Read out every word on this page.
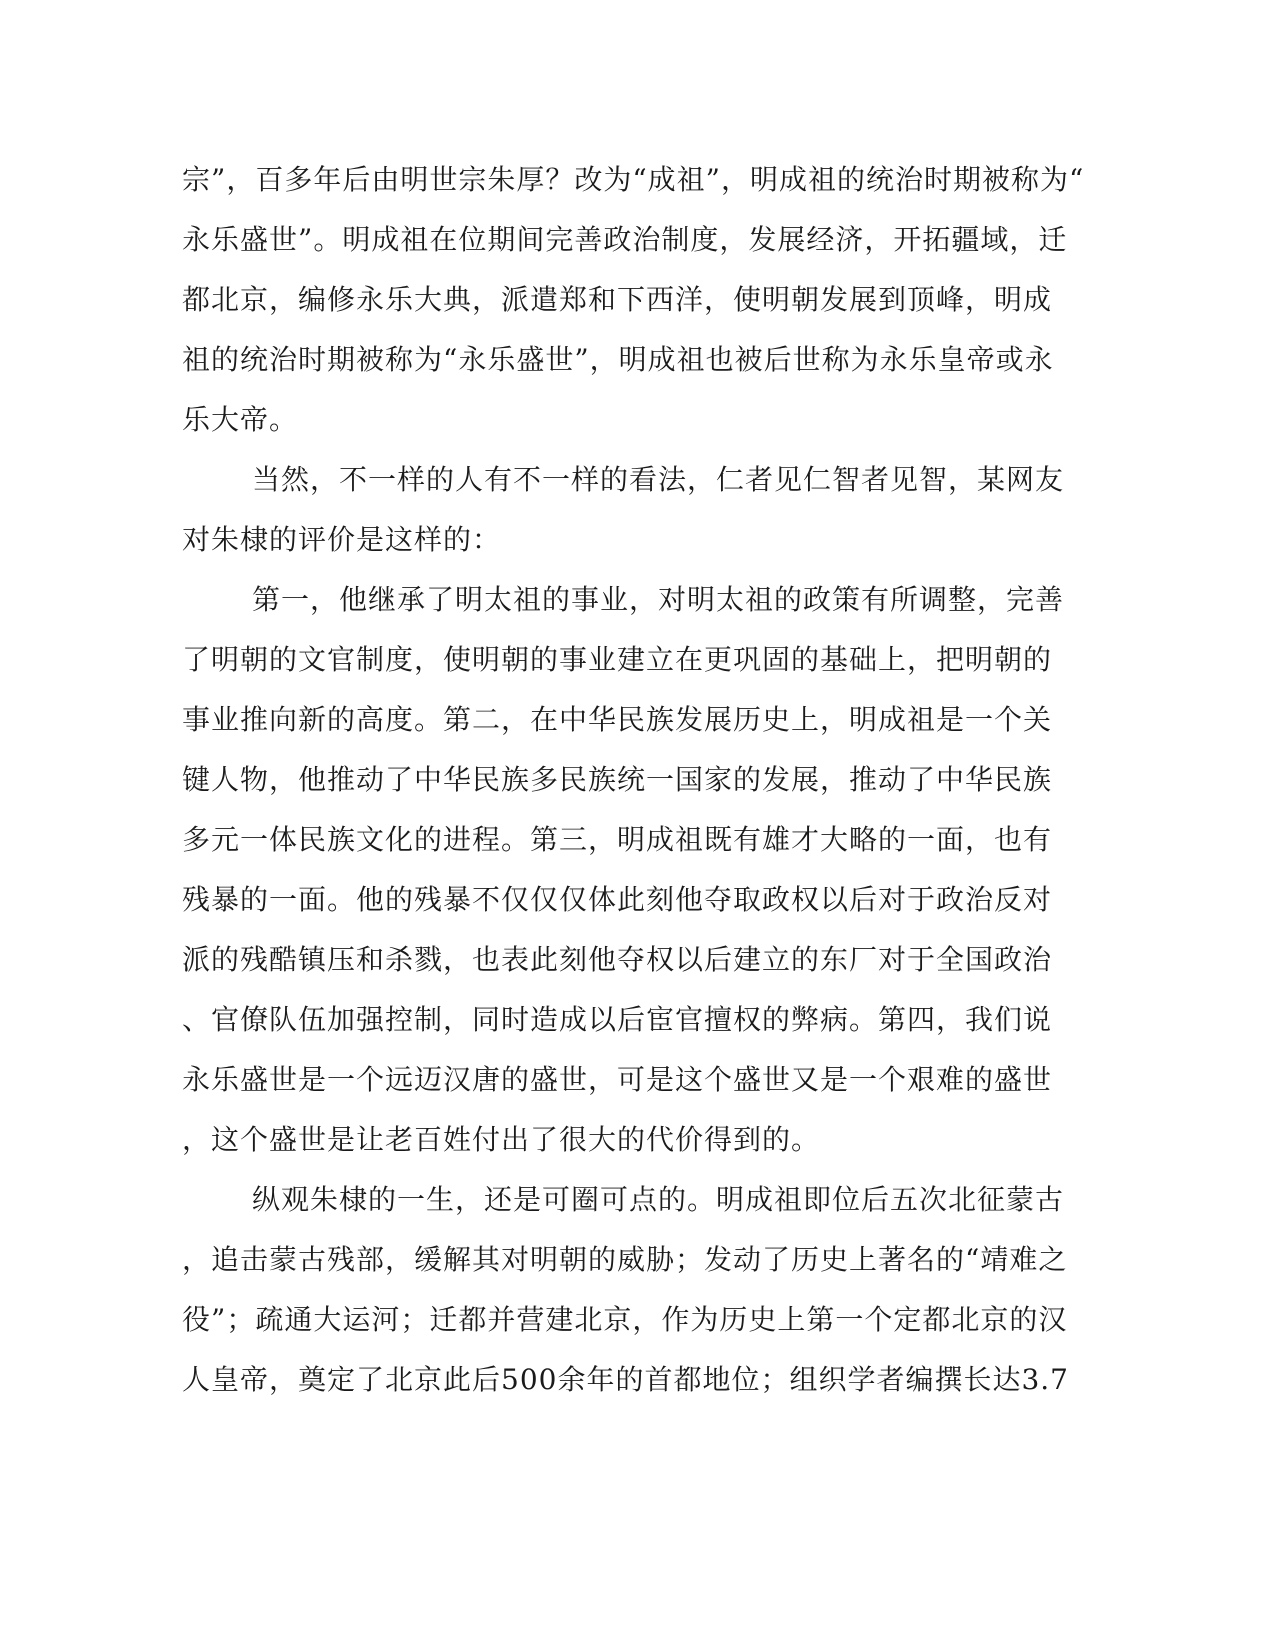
宗”，百多年后由明世宗朱厚？改为“成祖”，明成祖的统治时期被称为“
永乐盛世”。明成祖在位期间完善政治制度，发展经济，开拓疆域，迁
都北京，编修永乐大典，派遣郑和下西洋，使明朝发展到顶峰，明成
祖的统治时期被称为“永乐盛世”，明成祖也被后世称为永乐皇帝或永
乐大帝。
当然，不一样的人有不一样的看法，仁者见仁智者见智，某网友
对朱棣的评价是这样的：
第一，他继承了明太祖的事业，对明太祖的政策有所调整，完善
了明朝的文官制度，使明朝的事业建立在更巩固的基础上，把明朝的
事业推向新的高度。第二，在中华民族发展历史上，明成祖是一个关
键人物，他推动了中华民族多民族统一国家的发展，推动了中华民族
多元一体民族文化的进程。第三，明成祖既有雄才大略的一面，也有
残暴的一面。他的残暴不仅仅仅体此刻他夺取政权以后对于政治反对
派的残酷镇压和杀戮，也表此刻他夺权以后建立的东厂对于全国政治
、官僚队伍加强控制，同时造成以后宦官擅权的弊病。第四，我们说
永乐盛世是一个远迈汉唐的盛世，可是这个盛世又是一个艰难的盛世
，这个盛世是让老百姓付出了很大的代价得到的。
纵观朱棣的一生，还是可圈可点的。明成祖即位后五次北征蒙古
，追击蒙古残部，缓解其对明朝的威胁；发动了历史上著名的“靖难之
役”；疏通大运河；迁都并营建北京，作为历史上第一个定都北京的汉
人皇帝，奠定了北京此后500余年的首都地位；组织学者编撰长达3.7
